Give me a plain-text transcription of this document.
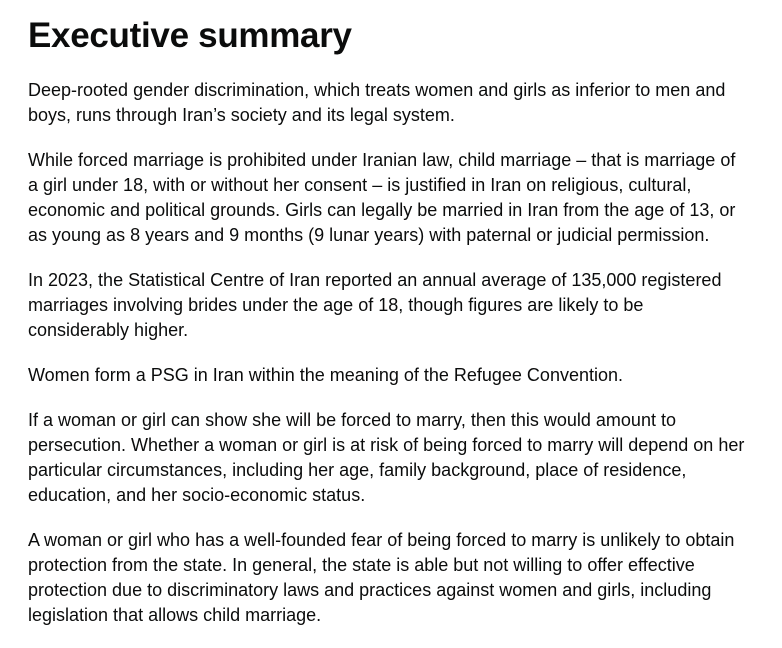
Executive summary

Deep-rooted gender discrimination, which treats women and girls as inferior to men and boys, runs through Iran’s society and its legal system.

While forced marriage is prohibited under Iranian law, child marriage – that is marriage of a girl under 18, with or without her consent – is justified in Iran on religious, cultural, economic and political grounds. Girls can legally be married in Iran from the age of 13, or as young as 8 years and 9 months (9 lunar years) with paternal or judicial permission.

In 2023, the Statistical Centre of Iran reported an annual average of 135,000 registered marriages involving brides under the age of 18, though figures are likely to be considerably higher.

Women form a PSG in Iran within the meaning of the Refugee Convention.

If a woman or girl can show she will be forced to marry, then this would amount to persecution. Whether a woman or girl is at risk of being forced to marry will depend on her particular circumstances, including her age, family background, place of residence, education, and her socio-economic status.

A woman or girl who has a well-founded fear of being forced to marry is unlikely to obtain protection from the state. In general, the state is able but not willing to offer effective protection due to discriminatory laws and practices against women and girls, including legislation that allows child marriage.
